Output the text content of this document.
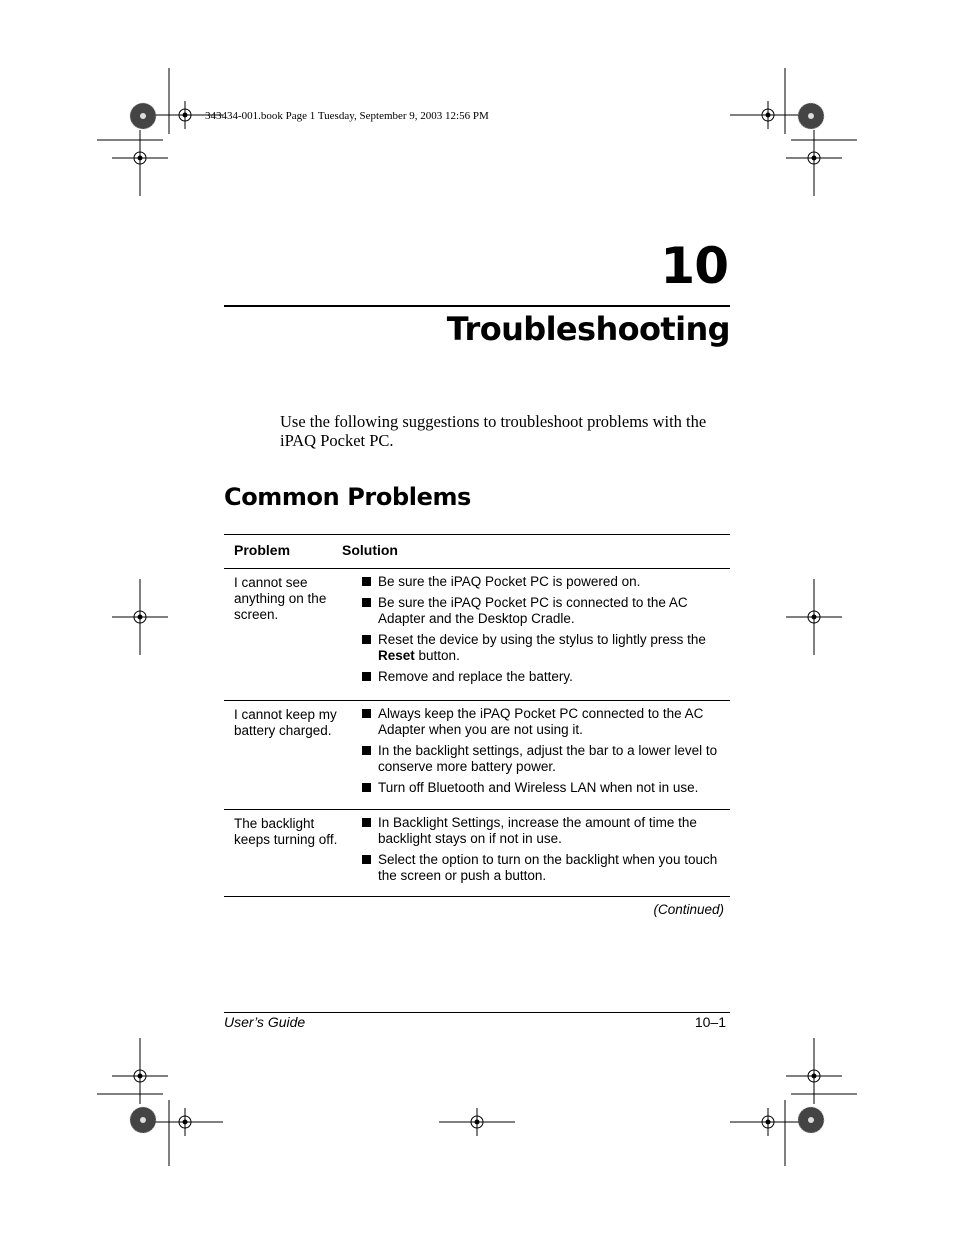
343434-001.book Page 1 Tuesday, September 9, 2003 12:56 PM
10
Troubleshooting
Use the following suggestions to troubleshoot problems with the iPAQ Pocket PC.
Common Problems
Problem	Solution
I cannot see anything on the screen.
Be sure the iPAQ Pocket PC is powered on.
Be sure the iPAQ Pocket PC is connected to the AC Adapter and the Desktop Cradle.
Reset the device by using the stylus to lightly press the Reset button.
Remove and replace the battery.
I cannot keep my battery charged.
Always keep the iPAQ Pocket PC connected to the AC Adapter when you are not using it.
In the backlight settings, adjust the bar to a lower level to conserve more battery power.
Turn off Bluetooth and Wireless LAN when not in use.
The backlight keeps turning off.
In Backlight Settings, increase the amount of time the backlight stays on if not in use.
Select the option to turn on the backlight when you touch the screen or push a button.
(Continued)
User’s Guide	10–1
